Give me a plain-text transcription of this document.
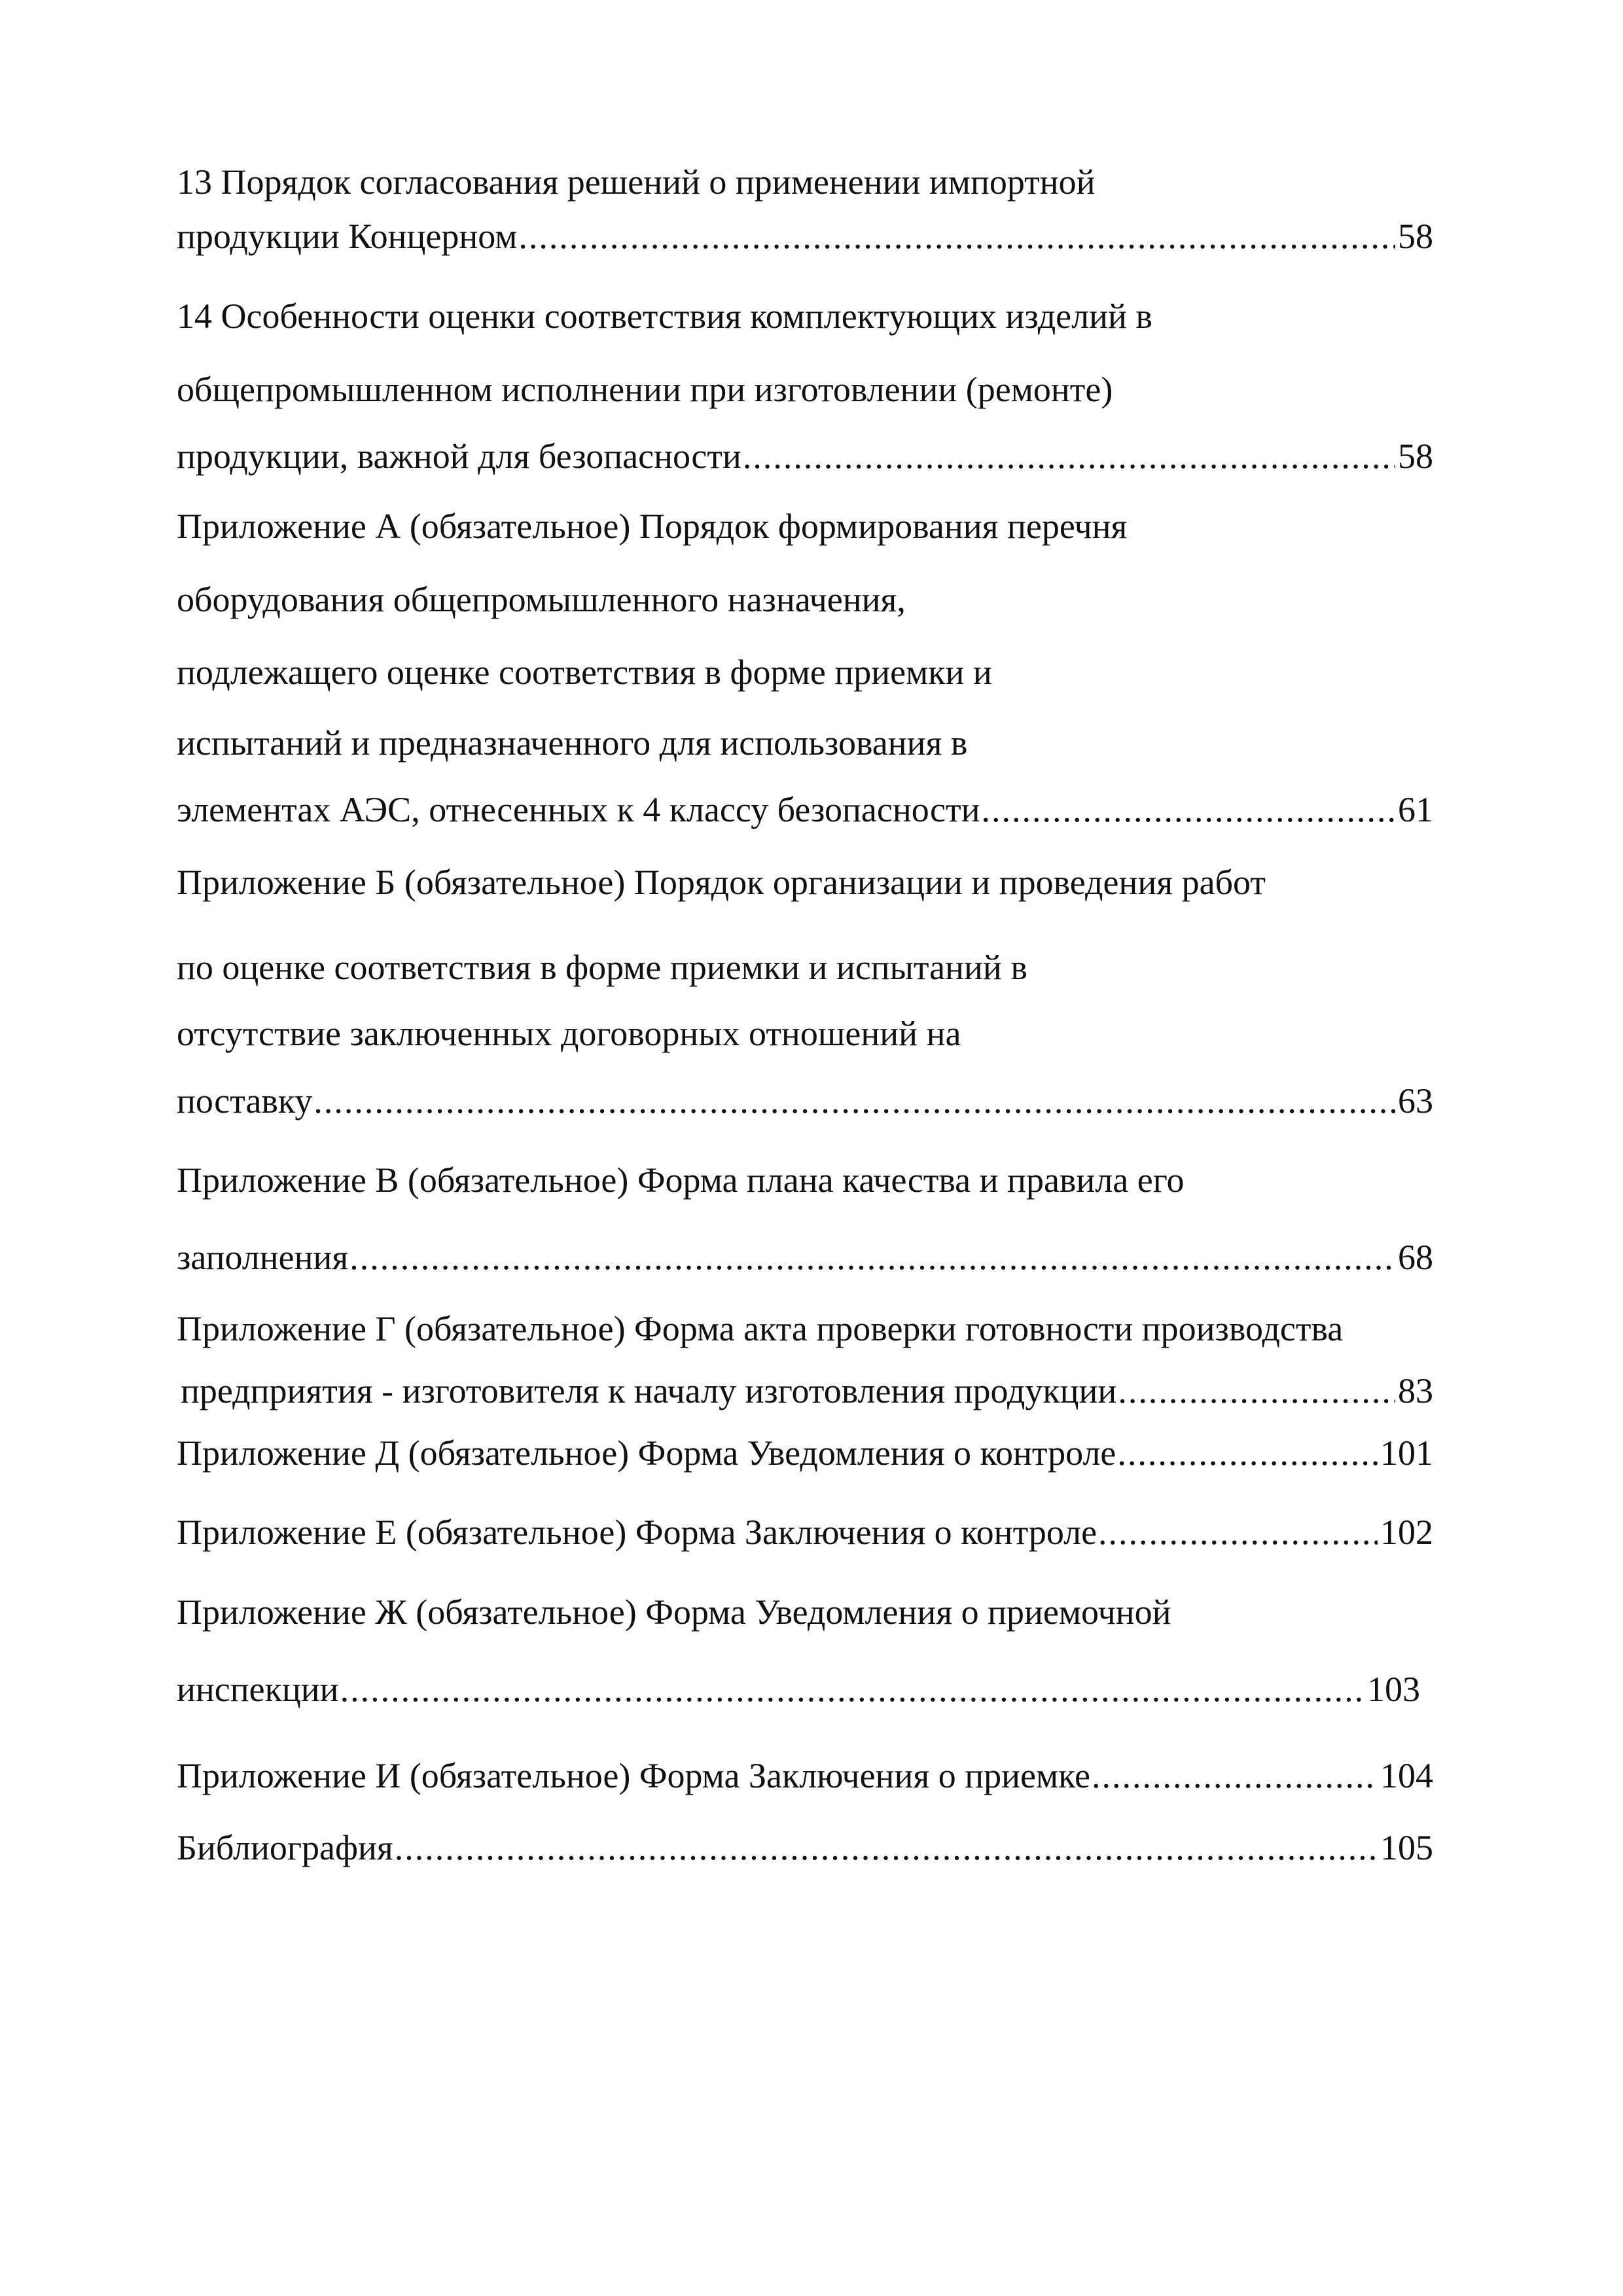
13 Порядок согласования решений о применении импортной
продукции Концерном .....	58
14 Особенности оценки соответствия комплектующих изделий в
общепромышленном исполнении при изготовлении (ремонте)
продукции, важной для безопасности .....	58
Приложение А (обязательное) Порядок формирования перечня
оборудования общепромышленного назначения,
подлежащего оценке соответствия в форме приемки и
испытаний и предназначенного для использования в
элементах АЭС, отнесенных к 4 классу безопасности .....	61
Приложение Б (обязательное) Порядок организации и проведения работ
по оценке соответствия в форме приемки и испытаний в
отсутствие заключенных договорных отношений на
поставку .....	63
Приложение В (обязательное) Форма плана качества и правила его
заполнения .....	68
Приложение Г (обязательное) Форма акта проверки готовности производства
предприятия - изготовителя к началу изготовления продукции .....	83
Приложение Д (обязательное) Форма Уведомления о контроле .....	101
Приложение Е (обязательное) Форма Заключения о контроле .....	102
Приложение Ж (обязательное) Форма Уведомления о приемочной
инспекции .....	103
Приложение И (обязательное) Форма Заключения о приемке .....	104
Библиография .....	105
